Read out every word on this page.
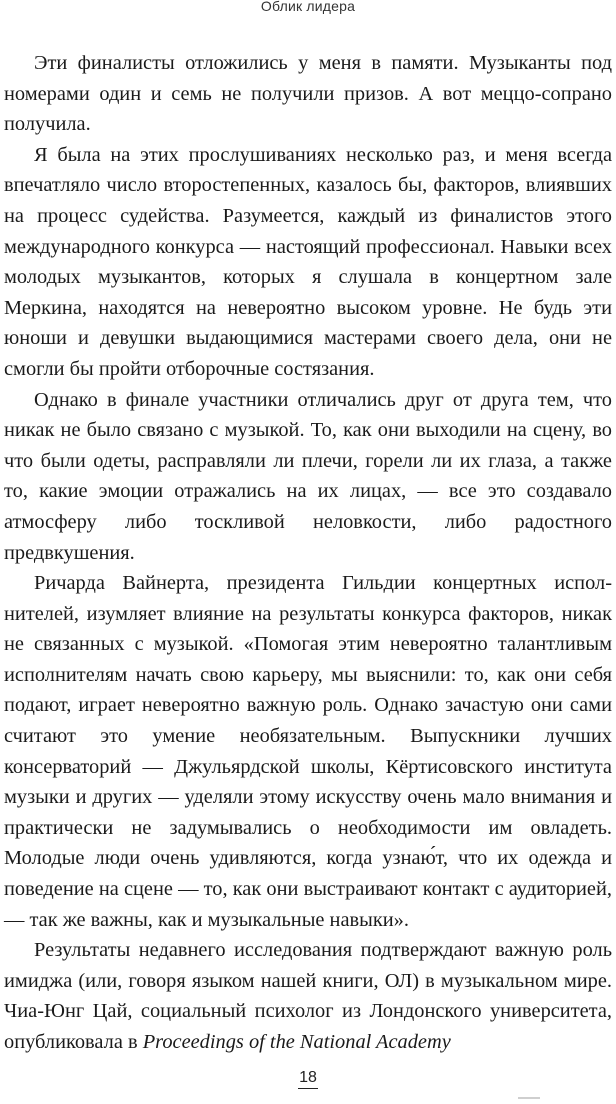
Облик лидера

Эти финалисты отложились у меня в памяти. Музыканты под номерами один и семь не получили призов. А вот меццо-сопрано получила.

Я была на этих прослушиваниях несколько раз, и меня всегда впечатляло число второстепенных, казалось бы, факторов, влиявших на процесс судейства. Разумеется, каждый из финалистов этого международного конкурса — настоящий профессионал. Навыки всех молодых музыкантов, которых я слушала в концертном зале Меркина, находятся на невероятно высоком уровне. Не будь эти юноши и девушки выдающимися мастерами своего дела, они не смогли бы пройти отборочные состязания.

Однако в финале участники отличались друг от друга тем, что никак не было связано с музыкой. То, как они выходили на сцену, во что были одеты, расправляли ли плечи, горели ли их глаза, а также то, какие эмоции отражались на их лицах, — все это создавало атмосферу либо тоскливой неловкости, либо радостного предвкушения.

Ричарда Вайнерта, президента Гильдии концертных исполнителей, изумляет влияние на результаты конкурса факторов, никак не связанных с музыкой. «Помогая этим невероятно талантливым исполнителям начать свою карьеру, мы выяснили: то, как они себя подают, играет невероятно важную роль. Однако зачастую они сами считают это умение необязательным. Выпускники лучших консерваторий — Джульярдской школы, Кёртисовского института музыки и других — уделяли этому искусству очень мало внимания и практически не задумывались о необходимости им овладеть. Молодые люди очень удивляются, когда узнаю́т, что их одежда и поведение на сцене — то, как они выстраивают контакт с аудиторией, — так же важны, как и музыкальные навыки».

Результаты недавнего исследования подтверждают важную роль имиджа (или, говоря языком нашей книги, ОЛ) в музыкальном мире. Чиа-Юнг Цай, социальный психолог из Лондонского университета, опубликовала в Proceedings of the National Academy

18
